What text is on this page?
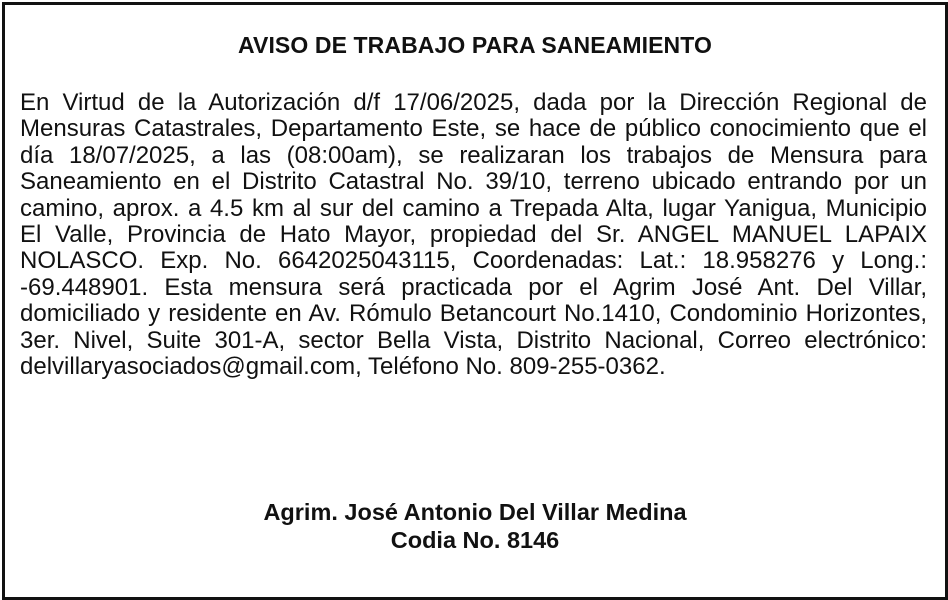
AVISO DE TRABAJO PARA SANEAMIENTO

En Virtud de la Autorización d/f 17/06/2025, dada por la Dirección Regional de Mensuras Catastrales, Departamento Este, se hace de público conocimiento que el día 18/07/2025, a las (08:00am), se realizaran los trabajos de Mensura para Saneamiento en el Distrito Catastral No. 39/10, terreno ubicado entrando por un camino, aprox. a 4.5 km al sur del camino a Trepada Alta, lugar Yanigua, Municipio El Valle, Provincia de Hato Mayor, propiedad del Sr. ANGEL MANUEL LAPAIX NOLASCO. Exp. No. 6642025043115, Coordenadas: Lat.: 18.958276 y Long.: -69.448901. Esta mensura será practicada por el Agrim José Ant. Del Villar, domiciliado y residente en Av. Rómulo Betancourt No.1410, Condominio Horizontes, 3er. Nivel, Suite 301-A, sector Bella Vista, Distrito Nacional, Correo electrónico: delvillaryasociados@gmail.com, Teléfono No. 809-255-0362.

Agrim. José Antonio Del Villar Medina
Codia No. 8146
